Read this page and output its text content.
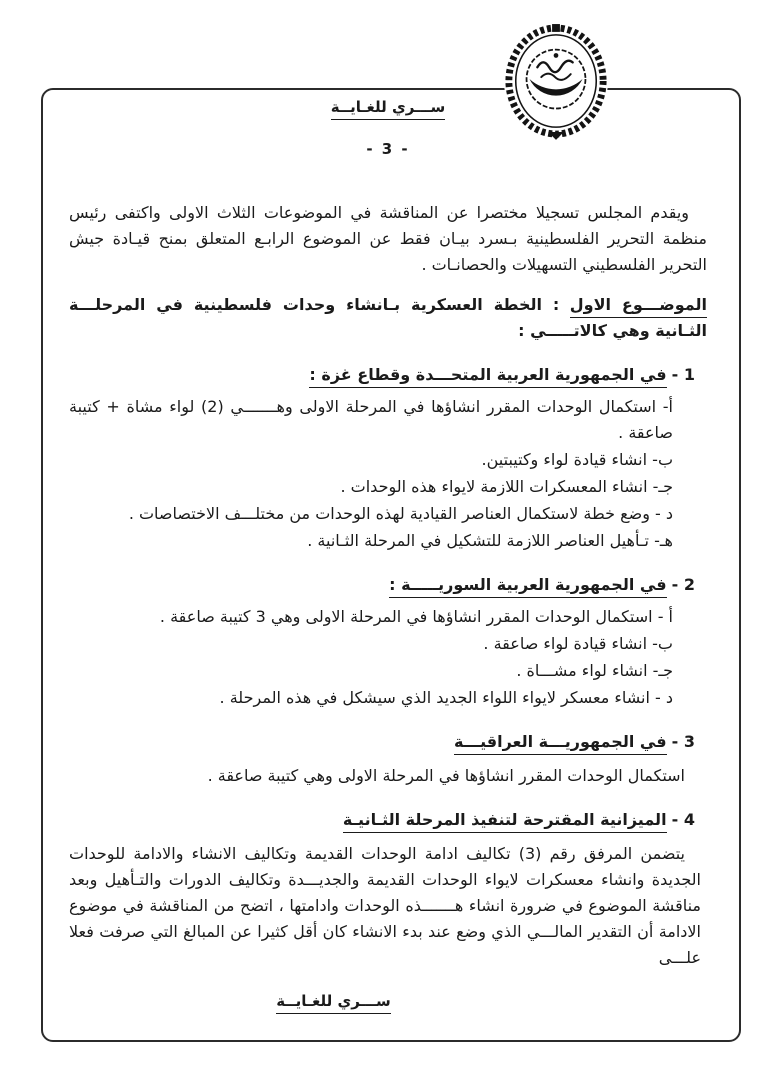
ســـري للغـايــة
- 3 -

ويقدم المجلس تسجيلا مختصرا عن المناقشة في الموضوعات الثلاث الاولى واكتفى رئيس منظمة التحرير الفلسطينية بـسرد بيـان فقط عن الموضوع الرابـع المتعلق بمنح قيـادة جيش التحرير الفلسطيني التسهيلات والحصانـات .

الموضـــوع الاول : الخطة العسكرية بـانشاء وحدات فلسطينية في المرحلـــة الثـانية وهي كالاتـــــي :

1 - في الجمهورية العربية المتحـــدة وقطاع غزة :

أ- استكمال الوحدات المقرر انشاؤها في المرحلة الاولى وهـــــــي (2) لواء مشاة + كتيبة صاعقة .

ب- انشاء قيادة لواء وكتيبتين.

جـ- انشاء المعسكرات اللازمة لايواء هذه الوحدات .

د - وضع خطة لاستكمال العناصر القيادية لهذه الوحدات من مختلـــف الاختصاصات .

هـ- تـأهيل العناصر اللازمة للتشكيل في المرحلة الثـانية .

2 - في الجمهورية العربية السوريـــــة :

أ - استكمال الوحدات المقرر انشاؤها في المرحلة الاولى وهي 3 كتيبة صاعقة .

ب- انشاء قيادة لواء صاعقة .

جـ- انشاء لواء مشـــاة .

د - انشاء معسكر لايواء اللواء الجديد الذي سيشكل في هذه المرحلة .

3 - في الجمهوريـــة العراقيـــة

استكمال الوحدات المقرر انشاؤها في المرحلة الاولى وهي كتيبة صاعقة .

4 - الميزانية المقترحة لتنفيذ المرحلة الثـانيـة

يتضمن المرفق رقم (3) تكاليف ادامة الوحدات القديمة وتكاليف الانشاء والادامة للوحدات الجديدة وانشاء معسكرات لايواء الوحدات القديمة والجديـــدة وتكاليف الدورات والتـأهيل وبعد مناقشة الموضوع في ضرورة انشاء هـــــــذه الوحدات وادامتها ، اتضح من المناقشة في موضوع الادامة أن التقدير المالـــي الذي وضع عند بدء الانشاء كان أقل كثيرا عن المبالغ التي صرفت فعلا علـــى

ســـري للغـايــة
